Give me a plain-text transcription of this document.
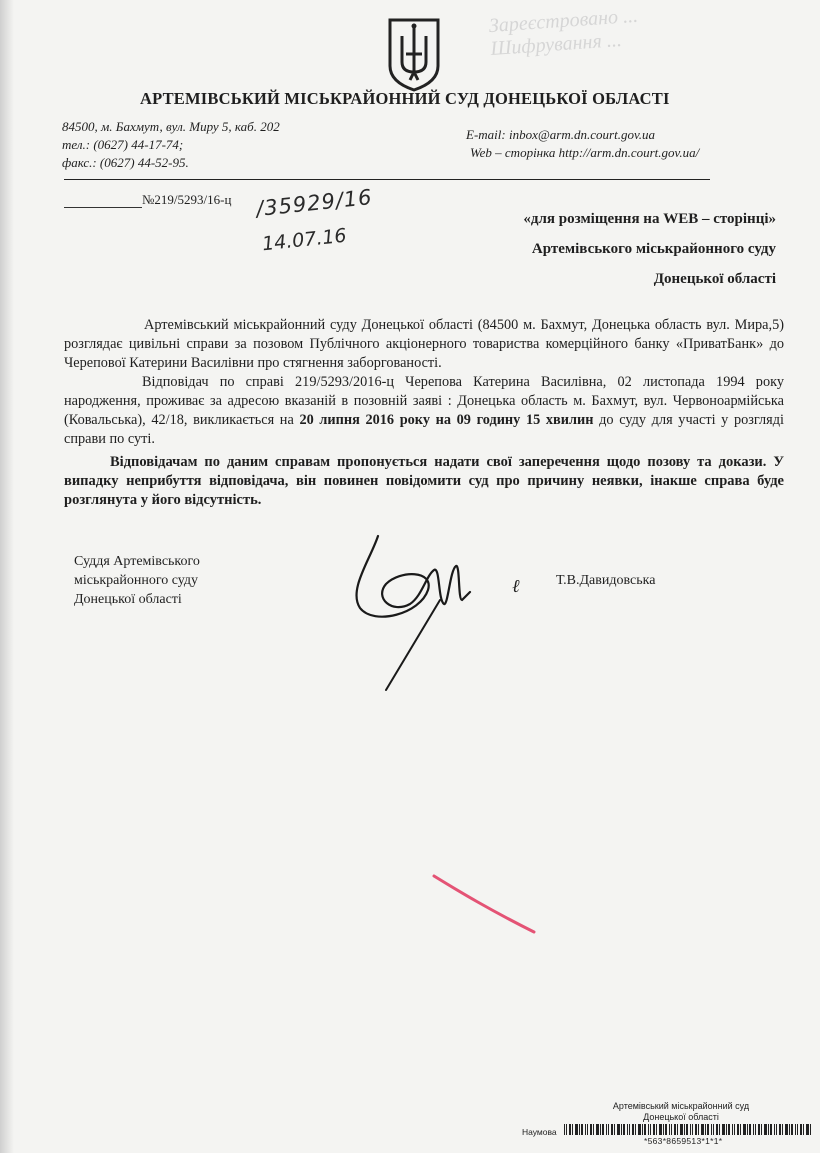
Зареєстровано ... Шифрування ...
АРТЕМІВСЬКИЙ МІСЬКРАЙОННИЙ СУД ДОНЕЦЬКОЇ ОБЛАСТІ
84500, м. Бахмут, вул. Миру 5, каб. 202
тел.: (0627) 44-17-74;
факс.: (0627) 44-52-95.
E-mail: inbox@arm.dn.court.gov.ua
Web – сторінка http://arm.dn.court.gov.ua/
№219/5293/16-ц /35929/16
14.07.16
«для розміщення на WEB – сторінці»
Артемівського міськрайонного суду
Донецької області

Артемівський міськрайонний суду Донецької області (84500 м. Бахмут, Донецька область вул. Мира,5) розглядає цивільні справи за позовом Публічного акціонерного товариства комерційного банку «ПриватБанк» до Черепової Катерини Василівни про стягнення заборгованості.

Відповідач по справі 219/5293/2016-ц Черепова Катерина Василівна, 02 листопада 1994 року народження, проживає за адресою вказаній в позовній заяві : Донецька область м. Бахмут, вул. Червоноармійська (Ковальська), 42/18, викликається на 20 липня 2016 року на 09 годину 15 хвилин до суду для участі у розгляді справи по суті.

Відповідачам по даним справам пропонується надати свої заперечення щодо позову та докази. У випадку неприбуття відповідача, він повинен повідомити суд про причину неявки, інакше справа буде розглянута у його відсутність.

Суддя Артемівського
міськрайонного суду
Донецької області
ℓ	Т.В.Давидовська
Артемівський міськрайонний суд
Донецької області
Наумова
*563*8659513*1*1*
